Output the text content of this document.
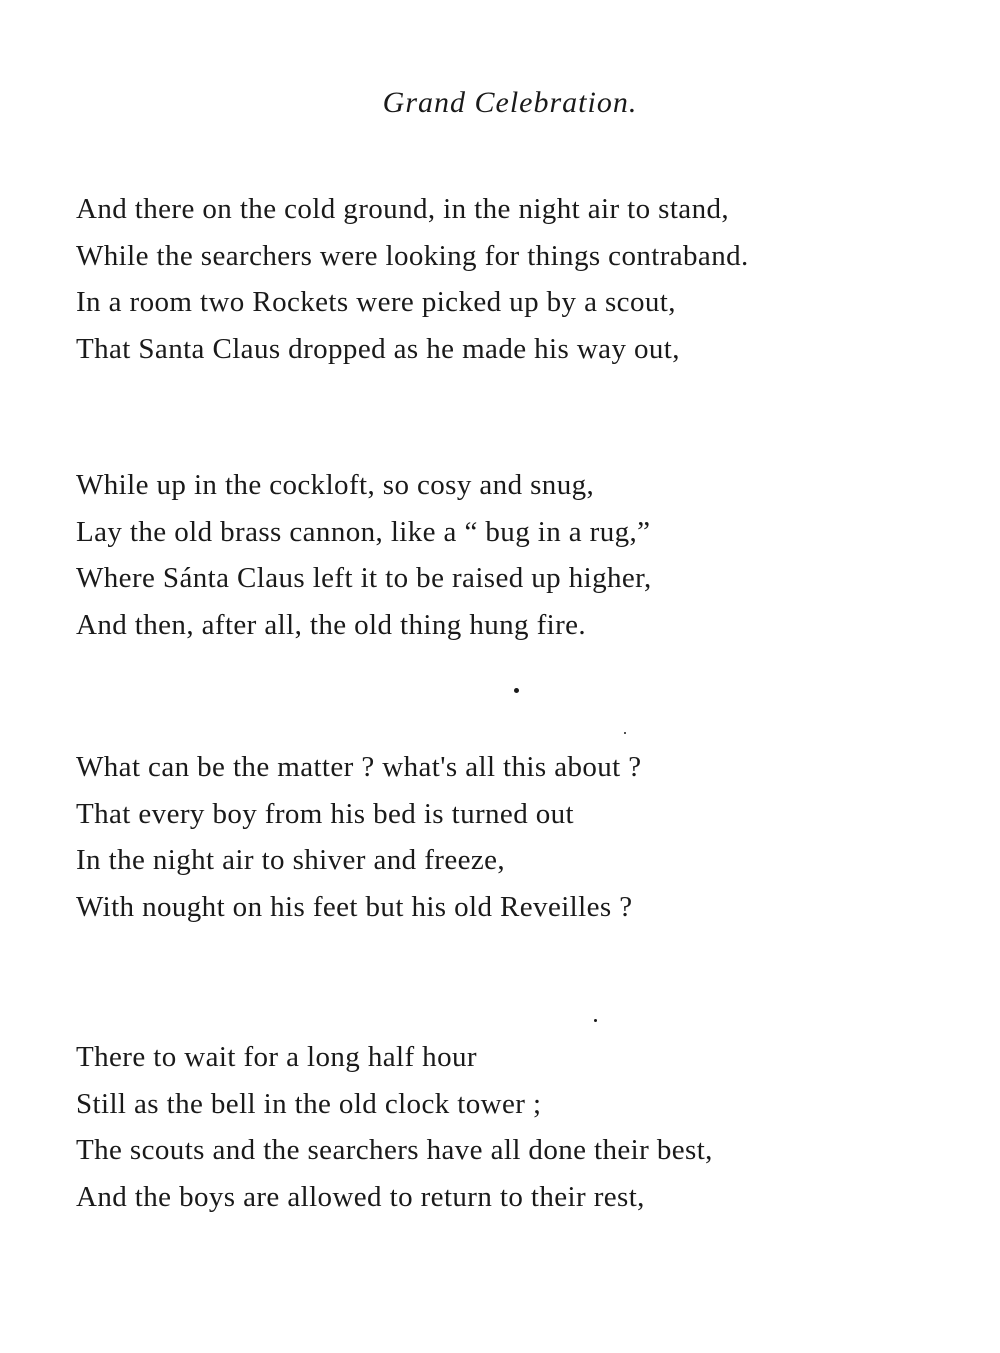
Grand Celebration.
And there on the cold ground, in the night air to stand,
While the searchers were looking for things contraband.
In a room two Rockets were picked up by a scout,
That Santa Claus dropped as he made his way out,
While up in the cockloft, so cosy and snug,
Lay the old brass cannon, like a “ bug in a rug,”
Where Sánta Claus left it to be raised up higher,
And then, after all, the old thing hung fire.
What can be the matter ? what's all this about ?
That every boy from his bed is turned out
In the night air to shiver and freeze,
With nought on his feet but his old Reveilles ?
There to wait for a long half hour
Still as the bell in the old clock tower ;
The scouts and the searchers have all done their best,
And the boys are allowed to return to their rest,
